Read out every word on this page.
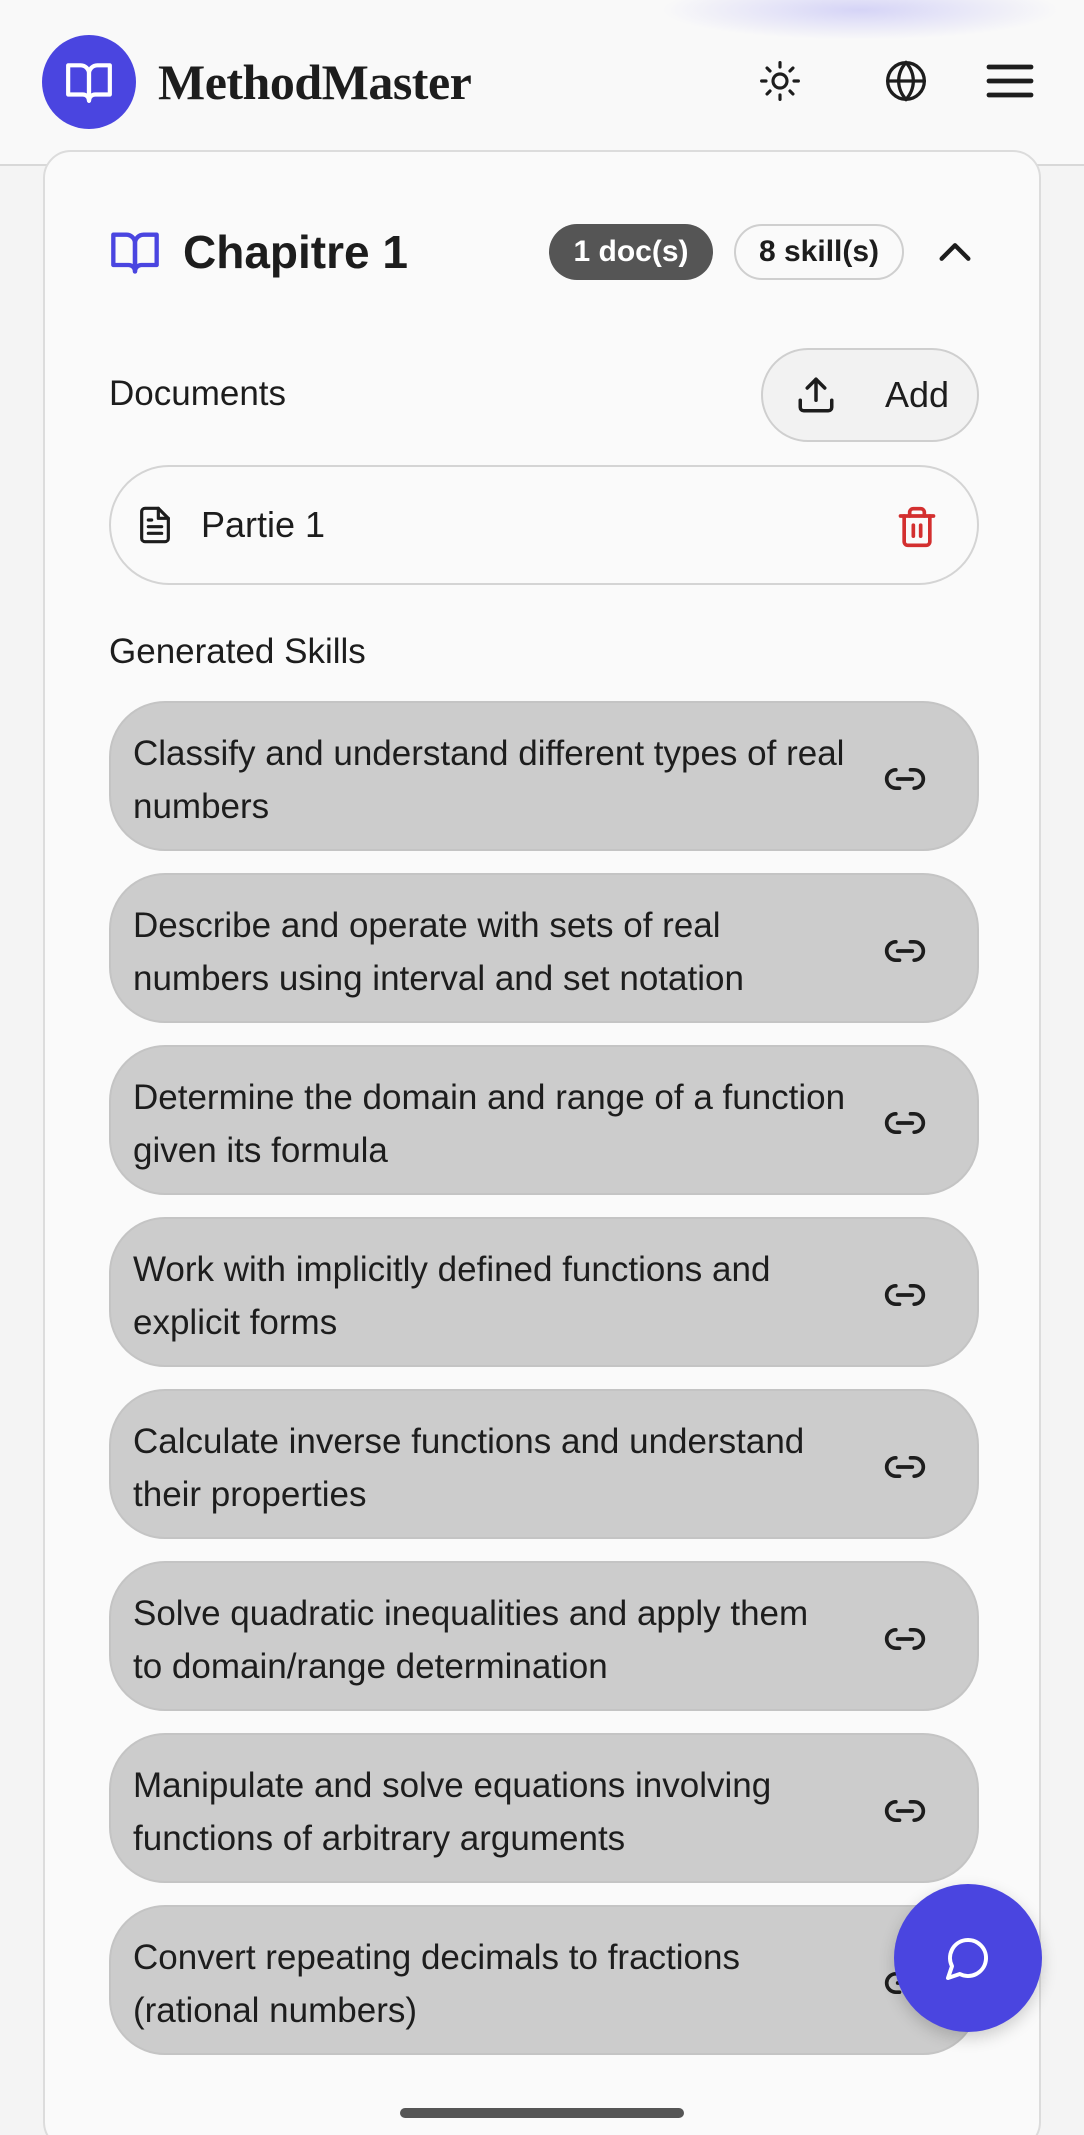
MethodMaster
Chapitre 1	1 doc(s)	8 skill(s)
Documents	Add
Partie 1
Generated Skills
Classify and understand different types of real numbers
Describe and operate with sets of real numbers using interval and set notation
Determine the domain and range of a function given its formula
Work with implicitly defined functions and explicit forms
Calculate inverse functions and understand their properties
Solve quadratic inequalities and apply them to domain/range determination
Manipulate and solve equations involving functions of arbitrary arguments
Convert repeating decimals to fractions (rational numbers)
